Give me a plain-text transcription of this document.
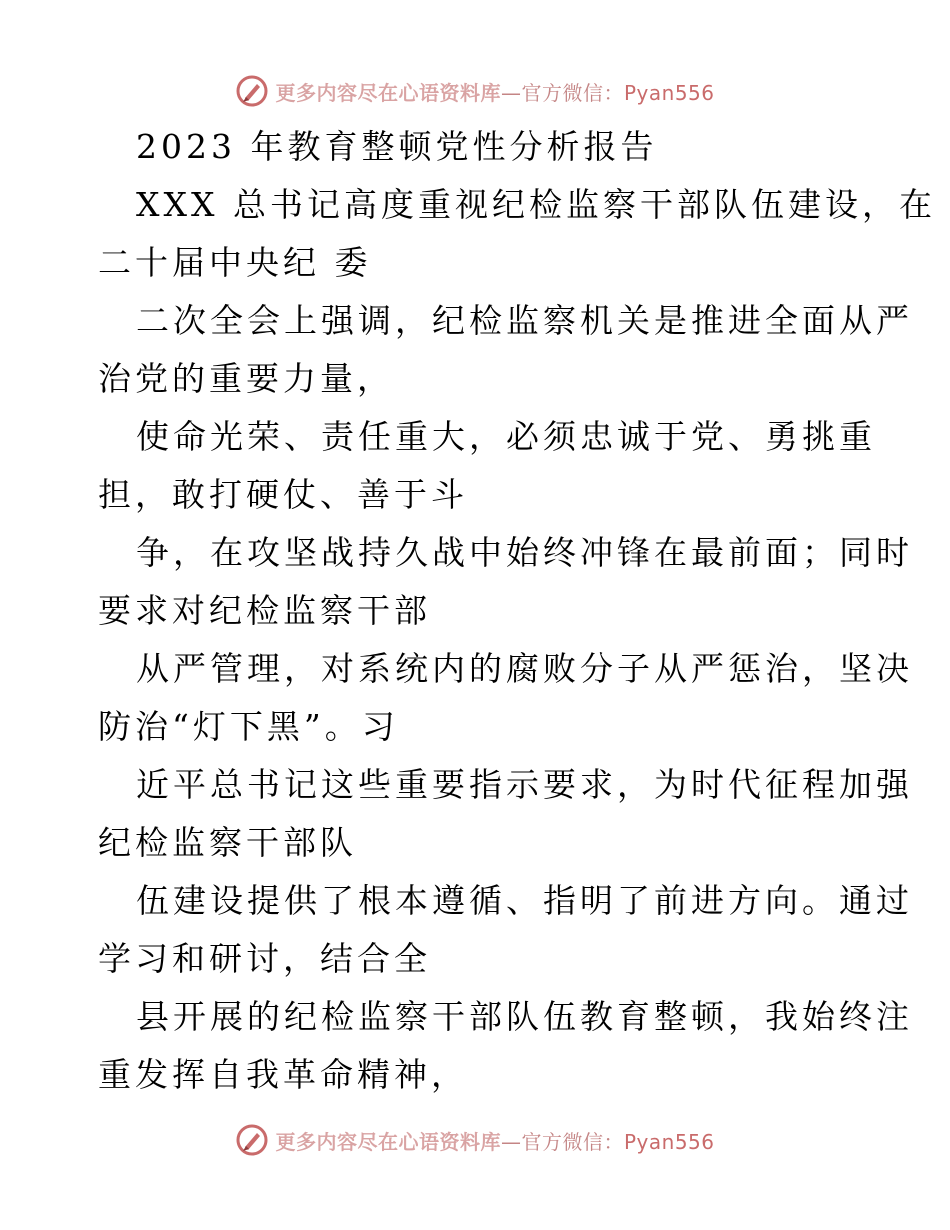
更多内容尽在心语资料库—官方微信：Pyan556
2023 年教育整顿党性分析报告
XXX 总书记高度重视纪检监察干部队伍建设，在
二十届中央纪 委
二次全会上强调，纪检监察机关是推进全面从严
治党的重要力量，
使命光荣、责任重大，必须忠诚于党、勇挑重
担，敢打硬仗、善于斗
争，在攻坚战持久战中始终冲锋在最前面；同时
要求对纪检监察干部
从严管理，对系统内的腐败分子从严惩治，坚决
防治“灯下黑”。习
近平总书记这些重要指示要求，为时代征程加强
纪检监察干部队
伍建设提供了根本遵循、指明了前进方向。通过
学习和研讨，结合全
县开展的纪检监察干部队伍教育整顿，我始终注
重发挥自我革命精神，
更多内容尽在心语资料库—官方微信：Pyan556
